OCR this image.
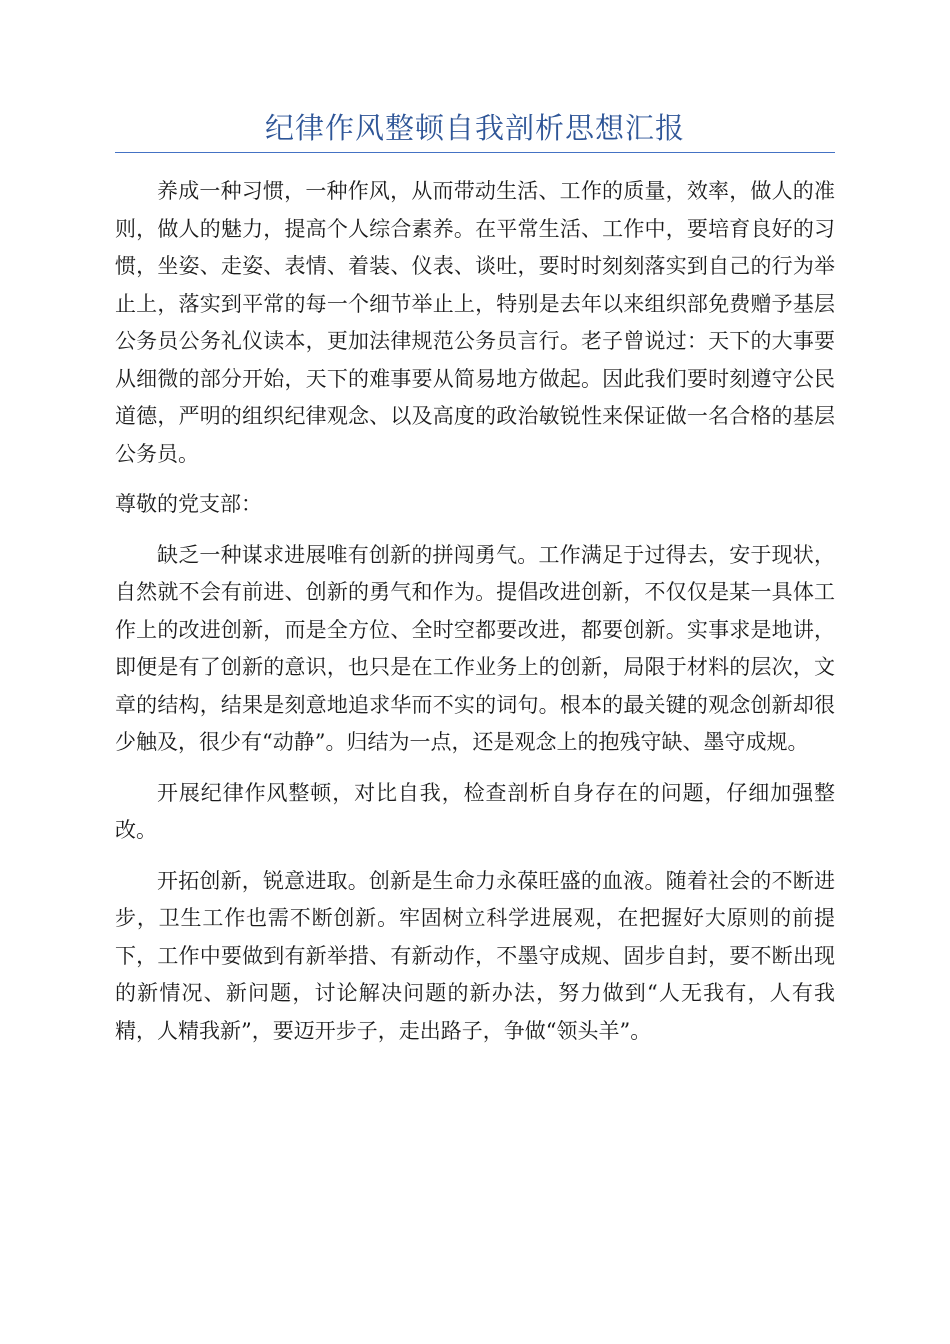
纪律作风整顿自我剖析思想汇报

养成一种习惯，一种作风，从而带动生活、工作的质量，效率，做人的准则，做人的魅力，提高个人综合素养。在平常生活、工作中，要培育良好的习惯，坐姿、走姿、表情、着装、仪表、谈吐，要时时刻刻落实到自己的行为举止上，落实到平常的每一个细节举止上，特别是去年以来组织部免费赠予基层公务员公务礼仪读本，更加法律规范公务员言行。老子曾说过：天下的大事要从细微的部分开始，天下的难事要从简易地方做起。因此我们要时刻遵守公民道德，严明的组织纪律观念、以及高度的政治敏锐性来保证做一名合格的基层公务员。

尊敬的党支部：

缺乏一种谋求进展唯有创新的拼闯勇气。工作满足于过得去，安于现状，自然就不会有前进、创新的勇气和作为。提倡改进创新，不仅仅是某一具体工作上的改进创新，而是全方位、全时空都要改进，都要创新。实事求是地讲，即便是有了创新的意识，也只是在工作业务上的创新，局限于材料的层次，文章的结构，结果是刻意地追求华而不实的词句。根本的最关键的观念创新却很少触及，很少有“动静”。归结为一点，还是观念上的抱残守缺、墨守成规。

开展纪律作风整顿，对比自我，检查剖析自身存在的问题，仔细加强整改。

开拓创新，锐意进取。创新是生命力永葆旺盛的血液。随着社会的不断进步，卫生工作也需不断创新。牢固树立科学进展观，在把握好大原则的前提下，工作中要做到有新举措、有新动作，不墨守成规、固步自封，要不断出现的新情况、新问题，讨论解决问题的新办法，努力做到“人无我有，人有我精，人精我新”，要迈开步子，走出路子，争做“领头羊”。
